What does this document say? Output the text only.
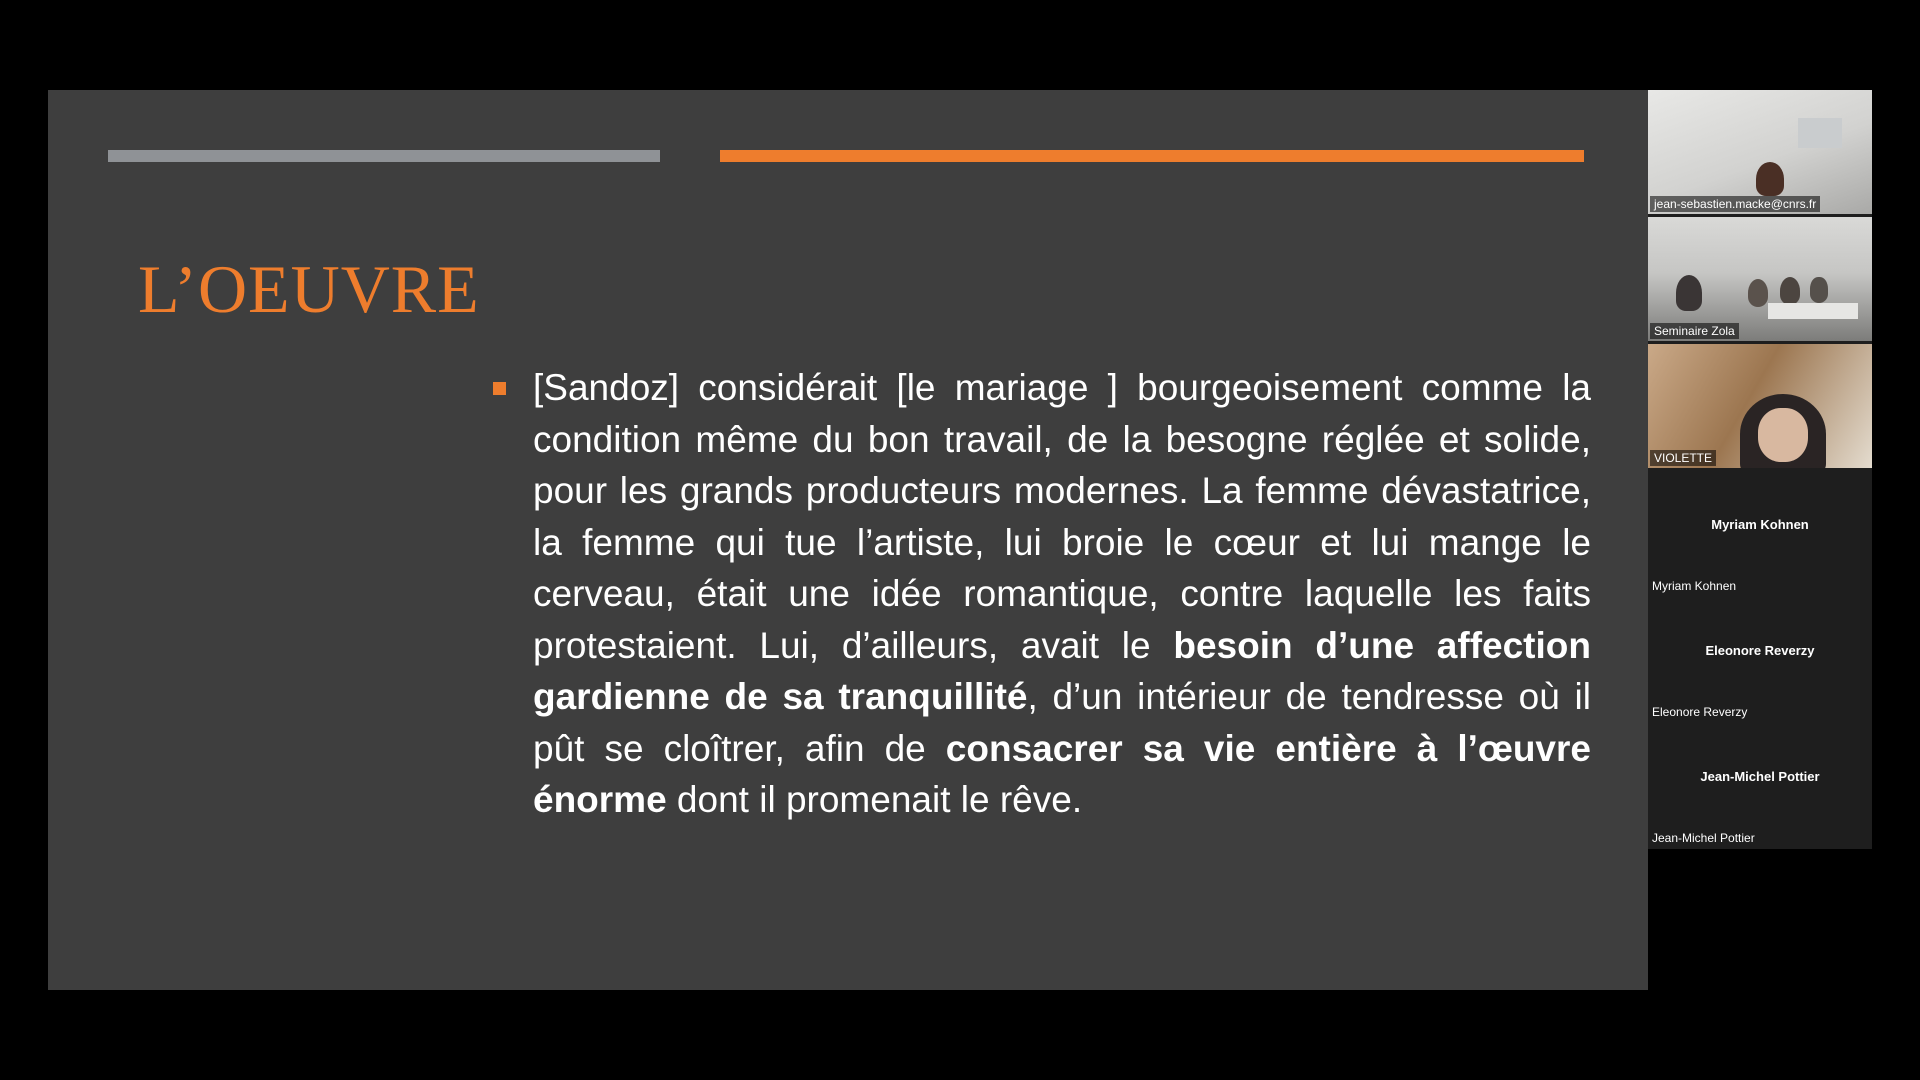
L’OEUVRE
[Sandoz] considérait [le mariage ] bourgeoisement comme la condition même du bon travail, de la besogne réglée et solide, pour les grands producteurs modernes. La femme dévastatrice, la femme qui tue l’artiste, lui broie le cœur et lui mange le cerveau, était une idée romantique, contre laquelle les faits protestaient. Lui, d’ailleurs, avait le besoin d’une affection gardienne de sa tranquillité, d’un intérieur de tendresse où il pût se cloîtrer, afin de consacrer sa vie entière à l’œuvre énorme dont il promenait le rêve.
jean-sebastien.macke@cnrs.fr
Seminaire Zola
VIOLETTE
Myriam Kohnen
Myriam Kohnen
Eleonore Reverzy
Eleonore Reverzy
Jean-Michel Pottier
Jean-Michel Pottier
